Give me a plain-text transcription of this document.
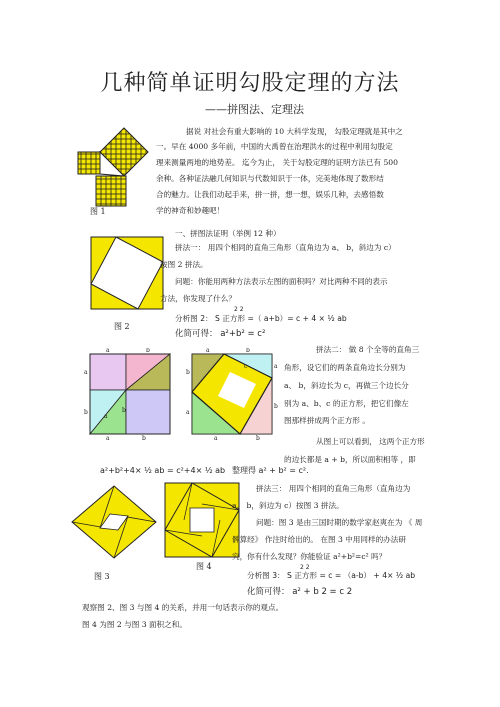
几种简单证明勾股定理的方法
——拼图法、定理法
图 1
据说 对社会有重大影响的 10 大科学发现， 勾股定理就是其中之
一。早在 4000 多年前，中国的大禹曾在治理洪水的过程中利用勾股定
理来测量两地的地势差。 迄今为止， 关于勾股定理的证明方法已有 500
余种。各种证法融几何知识与代数知识于一体，完美地体现了数形结
合的魅力。让我们动起手来，拼一拼，想一想，娱乐几种，去感悟数
学的神奇和妙趣吧！
一、拼图法证明（举例 12 种）
图 2
拼法一： 用四个相同的直角三角形（直角边为 a、 b，斜边为 c）
按图 2 拼法。
问题：你能用两种方法表示左图的面积吗？对比两种不同的表示
方法，你发现了什么？
2 2
分析图 2： S 正方形 =（ a+b）= c + 4 × ½ ab
化简可得： a²+b² = c²
a	b
a
b	b
a
b
a
a	b
a
b
c
b
a
a	b
拼法二： 做 8 个全等的直角三
角形，设它们的两条直角边长分别为
a、 b，斜边长为 c，再做三个边长分
别为 a、b、c 的正方形，把它们像左
图那样拼成两个正方形 。
从图上可以看到， 这两个正方形
的边长都是 a + b，所以面积相等 ，即
a²+b²+4× ½ ab = c²+4× ½ ab 整理得 a² + b² = c².
图 3
图 4
拼法三： 用四个相同的直角三角形（直角边为
a、 b，斜边为 c）按图 3 拼法。
问题：图 3 是由三国时期的数学家赵爽在为 《 周
髀算经》 作注时给出的。 在图 3 中用同样的办法研
究，你有什么发现？你能验证 a²+b²=c² 吗？
2 2
分析图 3： S 正方形 = c = （a-b） + 4× ½ ab
化简可得： a² + b 2 = c 2
观察图 2、图 3 与图 4 的关系，并用一句话表示你的观点。
图 4 为图 2 与图 3 面积之和。
